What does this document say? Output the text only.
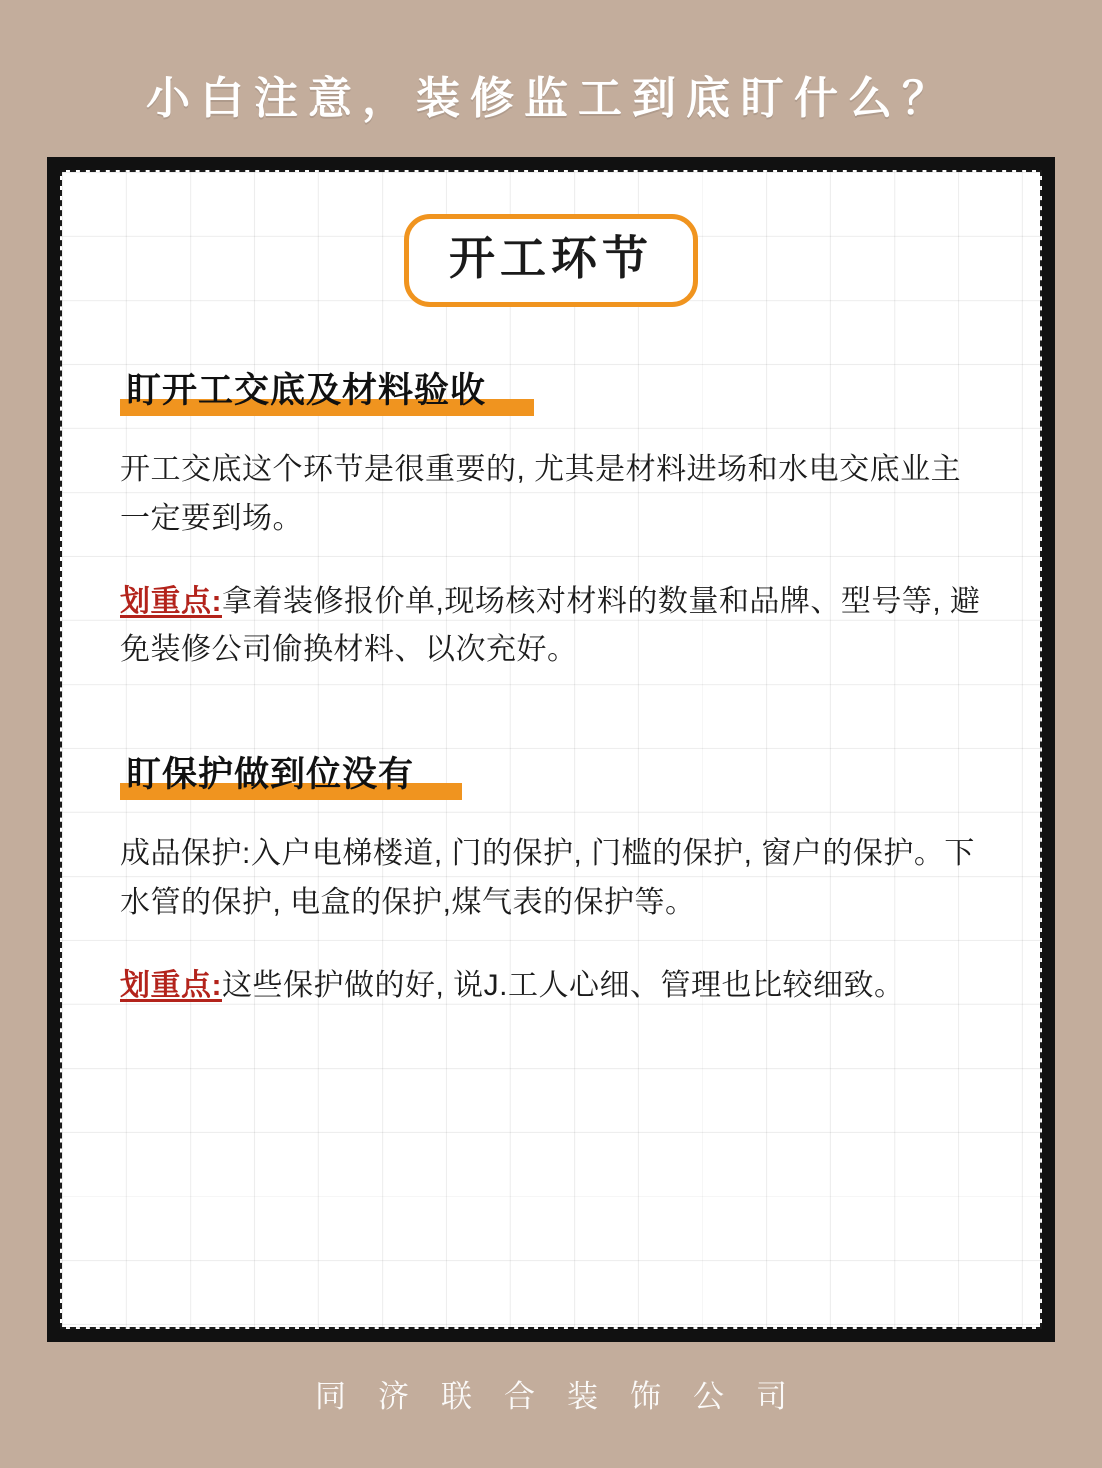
小白注意，装修监工到底盯什么？
开工环节
盯开工交底及材料验收
开工交底这个环节是很重要的, 尤其是材料进场和水电交底业主一定要到场。
划重点:拿着装修报价单,现场核对材料的数量和品牌、型号等, 避免装修公司偷换材料、以次充好。
盯保护做到位没有
成品保护:入户电梯楼道, 门的保护, 门槛的保护, 窗户的保护。下水管的保护, 电盒的保护,煤气表的保护等。
划重点:这些保护做的好, 说J.工人心细、管理也比较细致。
同济联合装饰公司
